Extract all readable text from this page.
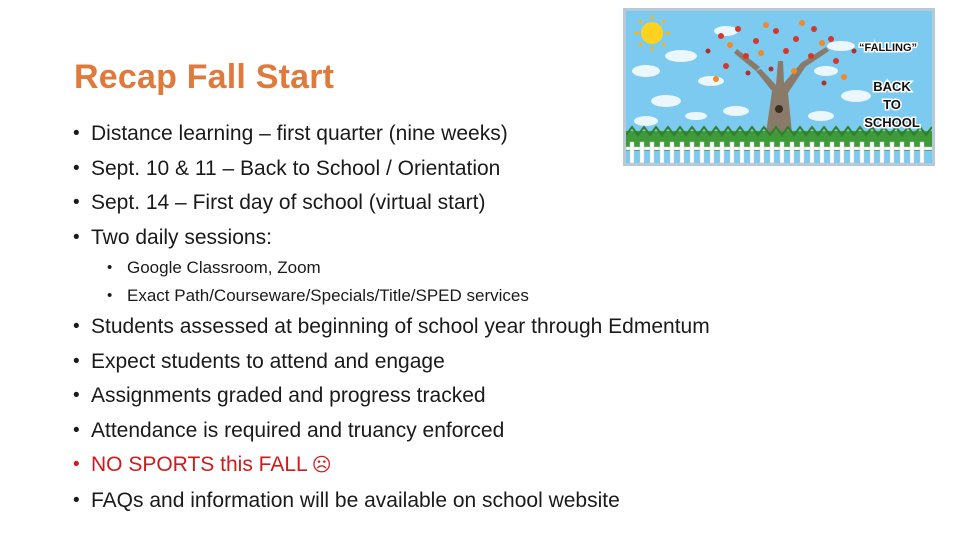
Recap Fall Start
• Distance learning – first quarter (nine weeks)
• Sept. 10 & 11 – Back to School / Orientation
• Sept. 14 – First day of school (virtual start)
• Two daily sessions:
• Google Classroom, Zoom
• Exact Path/Courseware/Specials/Title/SPED services
• Students assessed at beginning of school year through Edmentum
• Expect students to attend and engage
• Assignments graded and progress tracked
• Attendance is required and truancy enforced
• NO SPORTS this FALL ☹
• FAQs and information will be available on school website
“FALLING”
BACK
TO
SCHOOL
